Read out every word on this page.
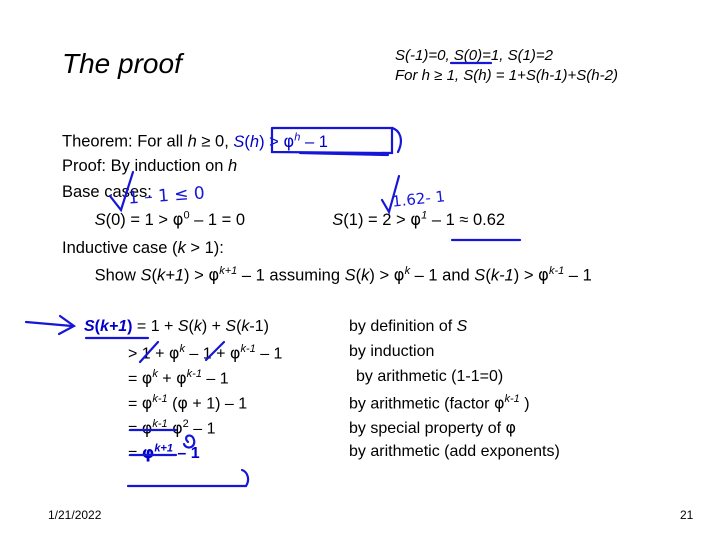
The proof	S(-1)=0, S(0)=1, S(1)=2
For h ≥ 1, S(h) = 1+S(h-1)+S(h-2)
Theorem: For all h ≥ 0, $S(h) > \varphi^h - 1$
Proof: By induction on h
Base cases:
$S(0) = 1 > \varphi^0 - 1 = 0$	$S(1) = 2 > \varphi^1 - 1 \approx 0.62$
Inductive case (k > 1):
Show $S(k+1) > \varphi^{k+1} - 1$ assuming $S(k) > \varphi^k - 1$ and $S(k-1) > \varphi^{k-1} - 1$
S(k+1) = 1 + S(k) + S(k-1)	by definition of S
> $1 + \varphi^k - 1 + \varphi^{k-1} - 1$	by induction
= $\varphi^k + \varphi^{k-1} - 1$	by arithmetic (1-1=0)
= $\varphi^{k-1}$ (φ + 1) – 1	by arithmetic (factor $\varphi^{k-1}$ )
= $\varphi^{k-1}$ $\varphi^2 - 1$	by special property of φ
= $\varphi^{k+1} - 1$	by arithmetic (add exponents)
1 – 1 ≤ 0	1.62- 1
1/21/2022	21
